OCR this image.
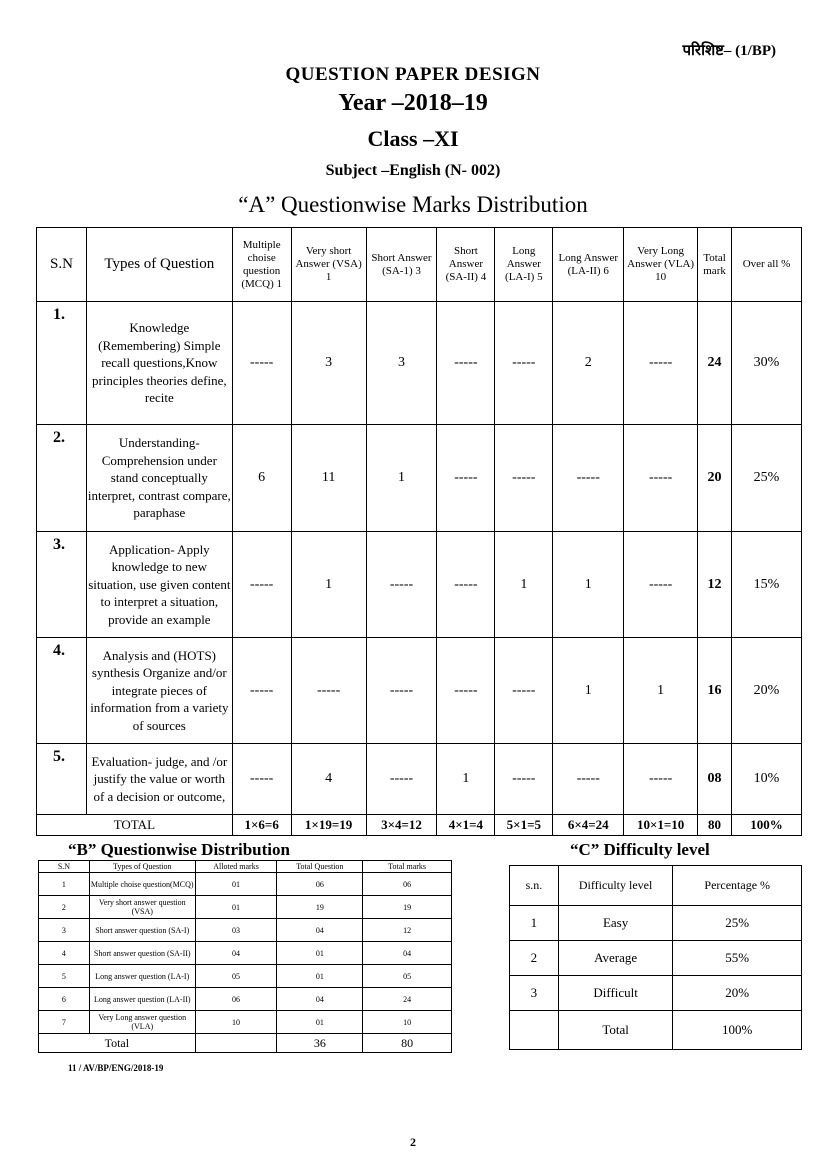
परिशिष्ट– (1/BP)
QUESTION PAPER DESIGN
Year –2018–19
Class –XI
Subject –English (N- 002)
“A” Questionwise Marks Distribution
S.N	Types of Question	Multiple choise question (MCQ) 1	Very short Answer (VSA) 1	Short Answer (SA-1) 3	Short Answer (SA-II) 4	Long Answer (LA-I) 5	Long Answer (LA-II) 6	Very Long Answer (VLA) 10	Total mark	Over all %
1.	Knowledge (Remembering) Simple recall questions,Know principles theories define, recite	-----	3	3	-----	-----	2	-----	24	30%
2.	Understanding- Comprehension under stand conceptually interpret, contrast compare, paraphase	6	11	1	-----	-----	-----	-----	20	25%
3.	Application- Apply knowledge to new situation, use given content to interpret a situation, provide an example	-----	1	-----	-----	1	1	-----	12	15%
4.	Analysis and (HOTS) synthesis Organize and/or integrate pieces of information from a variety of sources	-----	-----	-----	-----	-----	1	1	16	20%
5.	Evaluation- judge, and /or justify the value or worth of a decision or outcome,	-----	4	-----	1	-----	-----	-----	08	10%
TOTAL		1×6=6	1×19=19	3×4=12	4×1=4	5×1=5	6×4=24	10×1=10	80	100%
“B” Questionwise Distribution	“C” Difficulty level
S.N	Types of Question	Alloted marks	Total Question	Total marks
1	Multiple choise question(MCQ)	01	06	06
2	Very short answer question (VSA)	01	19	19
3	Short answer question (SA-I)	03	04	12
4	Short answer question (SA-II)	04	01	04
5	Long answer question (LA-I)	05	01	05
6	Long answer question (LA-II)	06	04	24
7	Very Long answer question (VLA)	10	01	10
Total			36	80
s.n.	Difficulty level	Percentage %
1	Easy	25%
2	Average	55%
3	Difficult	20%
	Total	100%
11 / AV/BP/ENG/2018-19
2
